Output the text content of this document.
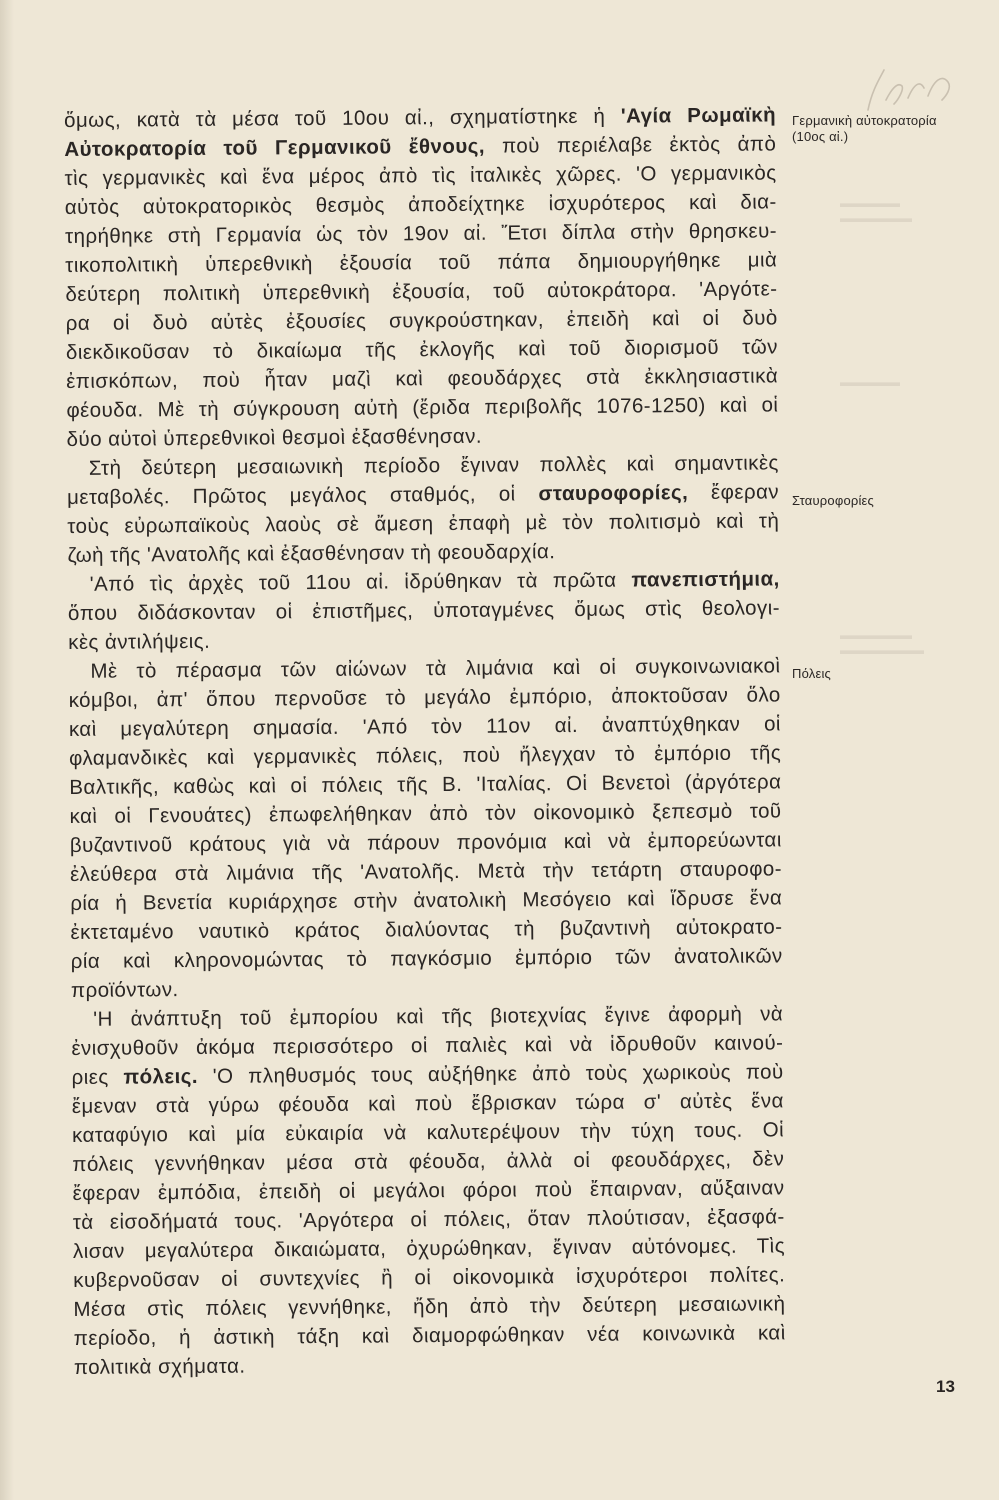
▬▬▬▬▬
▬▬▬▬▬▬
▬▬▬▬▬
▬▬▬▬▬▬
▬▬▬▬▬▬▬
ὅμως, κατὰ τὰ μέσα τοῦ 10ου αἰ., σχηματίστηκε ἡ 'Αγία Ρωμαϊκὴ
Αὐτοκρατορία τοῦ Γερμανικοῦ ἔθνους, ποὺ περιέλαβε ἐκτὸς ἀπὸ
τὶς γερμανικὲς καὶ ἕνα μέρος ἀπὸ τὶς ἰταλικὲς χῶρες. 'Ο γερμανικὸς
αὐτὸς αὐτοκρατορικὸς θεσμὸς ἀποδείχτηκε ἰσχυρότερος καὶ δια-
τηρήθηκε στὴ Γερμανία ὡς τὸν 19ον αἰ. Ἔτσι δίπλα στὴν θρησκευ-
τικοπολιτικὴ ὑπερεθνικὴ ἐξουσία τοῦ πάπα δημιουργήθηκε μιὰ
δεύτερη πολιτικὴ ὑπερεθνικὴ ἐξουσία, τοῦ αὐτοκράτορα. 'Αργότε-
ρα οἱ δυὸ αὐτὲς ἐξουσίες συγκρούστηκαν, ἐπειδὴ καὶ οἱ δυὸ
διεκδικοῦσαν τὸ δικαίωμα τῆς ἐκλογῆς καὶ τοῦ διορισμοῦ τῶν
ἐπισκόπων, ποὺ ἦταν μαζὶ καὶ φεουδάρχες στὰ ἐκκλησιαστικὰ
φέουδα. Μὲ τὴ σύγκρουση αὐτὴ (ἔριδα περιβολῆς 1076-1250) καὶ οἱ
δύο αὐτοὶ ὑπερεθνικοὶ θεσμοὶ ἐξασθένησαν.
Στὴ δεύτερη μεσαιωνικὴ περίοδο ἔγιναν πολλὲς καὶ σημαντικὲς
μεταβολές. Πρῶτος μεγάλος σταθμός, οἱ σταυροφορίες, ἔφεραν
τοὺς εὐρωπαϊκοὺς λαοὺς σὲ ἄμεση ἐπαφὴ μὲ τὸν πολιτισμὸ καὶ τὴ
ζωὴ τῆς 'Ανατολῆς καὶ ἐξασθένησαν τὴ φεουδαρχία.
'Από τὶς ἀρχὲς τοῦ 11ου αἰ. ἱδρύθηκαν τὰ πρῶτα πανεπιστήμια,
ὅπου διδάσκονταν οἱ ἐπιστῆμες, ὑποταγμένες ὅμως στὶς θεολογι-
κὲς ἀντιλήψεις.
Μὲ τὸ πέρασμα τῶν αἰώνων τὰ λιμάνια καὶ οἱ συγκοινωνιακοὶ
κόμβοι, ἀπ' ὅπου περνοῦσε τὸ μεγάλο ἐμπόριο, ἀποκτοῦσαν ὅλο
καὶ μεγαλύτερη σημασία. 'Από τὸν 11ον αἰ. ἀναπτύχθηκαν οἱ
φλαμανδικὲς καὶ γερμανικὲς πόλεις, ποὺ ἤλεγχαν τὸ ἐμπόριο τῆς
Βαλτικῆς, καθὼς καὶ οἱ πόλεις τῆς Β. 'Ιταλίας. Οἱ Βενετοὶ (ἀργότερα
καὶ οἱ Γενουάτες) ἐπωφελήθηκαν ἀπὸ τὸν οἰκονομικὸ ξεπεσμὸ τοῦ
βυζαντινοῦ κράτους γιὰ νὰ πάρουν προνόμια καὶ νὰ ἐμπορεύωνται
ἐλεύθερα στὰ λιμάνια τῆς 'Ανατολῆς. Μετὰ τὴν τετάρτη σταυροφο-
ρία ἡ Βενετία κυριάρχησε στὴν ἀνατολικὴ Μεσόγειο καὶ ἵδρυσε ἕνα
ἐκτεταμένο ναυτικὸ κράτος διαλύοντας τὴ βυζαντινὴ αὐτοκρατο-
ρία καὶ κληρονομώντας τὸ παγκόσμιο ἐμπόριο τῶν ἀνατολικῶν
προϊόντων.
'Η ἀνάπτυξη τοῦ ἐμπορίου καὶ τῆς βιοτεχνίας ἔγινε ἀφορμὴ νὰ
ἐνισχυθοῦν ἀκόμα περισσότερο οἱ παλιὲς καὶ νὰ ἱδρυθοῦν καινού-
ριες πόλεις. 'Ο πληθυσμός τους αὐξήθηκε ἀπὸ τοὺς χωρικοὺς ποὺ
ἔμεναν στὰ γύρω φέουδα καὶ ποὺ ἔβρισκαν τώρα σ' αὐτὲς ἕνα
καταφύγιο καὶ μία εὐκαιρία νὰ καλυτερέψουν τὴν τύχη τους. Οἱ
πόλεις γεννήθηκαν μέσα στὰ φέουδα, ἀλλὰ οἱ φεουδάρχες, δὲν
ἔφεραν ἐμπόδια, ἐπειδὴ οἱ μεγάλοι φόροι ποὺ ἔπαιρναν, αὔξαιναν
τὰ εἰσοδήματά τους. 'Αργότερα οἱ πόλεις, ὅταν πλούτισαν, ἐξασφά-
λισαν μεγαλύτερα δικαιώματα, ὀχυρώθηκαν, ἔγιναν αὐτόνομες. Τὶς
κυβερνοῦσαν οἱ συντεχνίες ἢ οἱ οἰκονομικὰ ἰσχυρότεροι πολίτες.
Μέσα στὶς πόλεις γεννήθηκε, ἤδη ἀπὸ τὴν δεύτερη μεσαιωνικὴ
περίοδο, ἡ ἀστικὴ τάξη καὶ διαμορφώθηκαν νέα κοινωνικὰ καὶ
πολιτικὰ σχήματα.
Γερμανικὴ αὐτοκρατορία (10ος αἰ.)
Σταυροφορίες
Πόλεις
13
